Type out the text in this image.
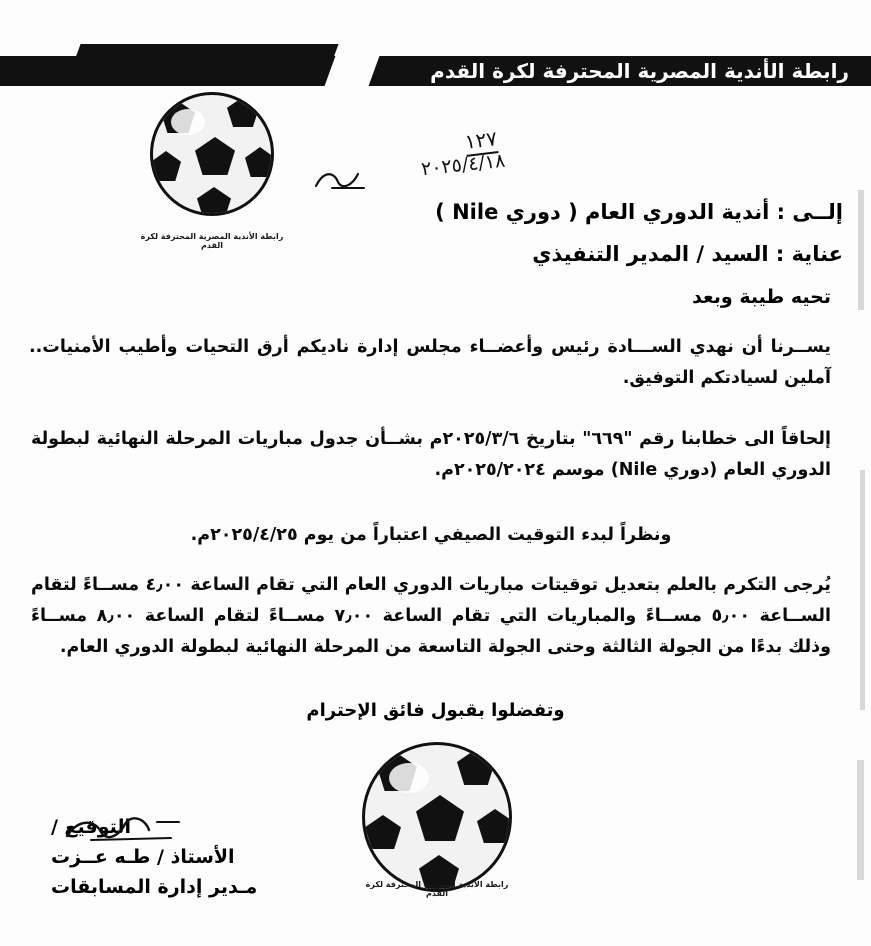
رابطة الأندية المصرية المحترفة لكرة القدم
رابطة الأندية المصرية المحترفة لكرة القدم
١٢٧
٢٠٢٥/٤/١٨
إلــى : أندية الدوري العام ( دوري Nile )
عناية : السيد / المدير التنفيذي
تحيه طيبة وبعد
يســرنا أن نهدي الســـادة رئيس وأعضــاء مجلس إدارة ناديكم أرق التحيات وأطيب الأمنيات.. آملين لسيادتكم التوفيق.
إلحاقاً الى خطابنا رقم "٦٦٩" بتاريخ ٢٠٢٥/٣/٦م بشــأن جدول مباريات المرحلة النهائية لبطولة الدوري العام (دوري Nile) موسم ٢٠٢٥/٢٠٢٤م.
ونظراً لبدء التوقيت الصيفي اعتباراً من يوم ٢٠٢٥/٤/٢٥م.
يُرجى التكرم بالعلم بتعديل توقيتات مباريات الدوري العام التي تقام الساعة ٤٫٠٠ مســاءً لتقام الســاعة ٥٫٠٠ مســاءً والمباريات التي تقام الساعة ٧٫٠٠ مســاءً لتقام الساعة ٨٫٠٠ مســاءً وذلك بدءًا من الجولة الثالثة وحتى الجولة التاسعة من المرحلة النهائية لبطولة الدوري العام.
وتفضلوا بقبول فائق الإحترام
رابطة الأندية المصرية المحترفة لكرة القدم
التوقيع /
الأستاذ / طـه عــزت
مـدير إدارة المسابقات
